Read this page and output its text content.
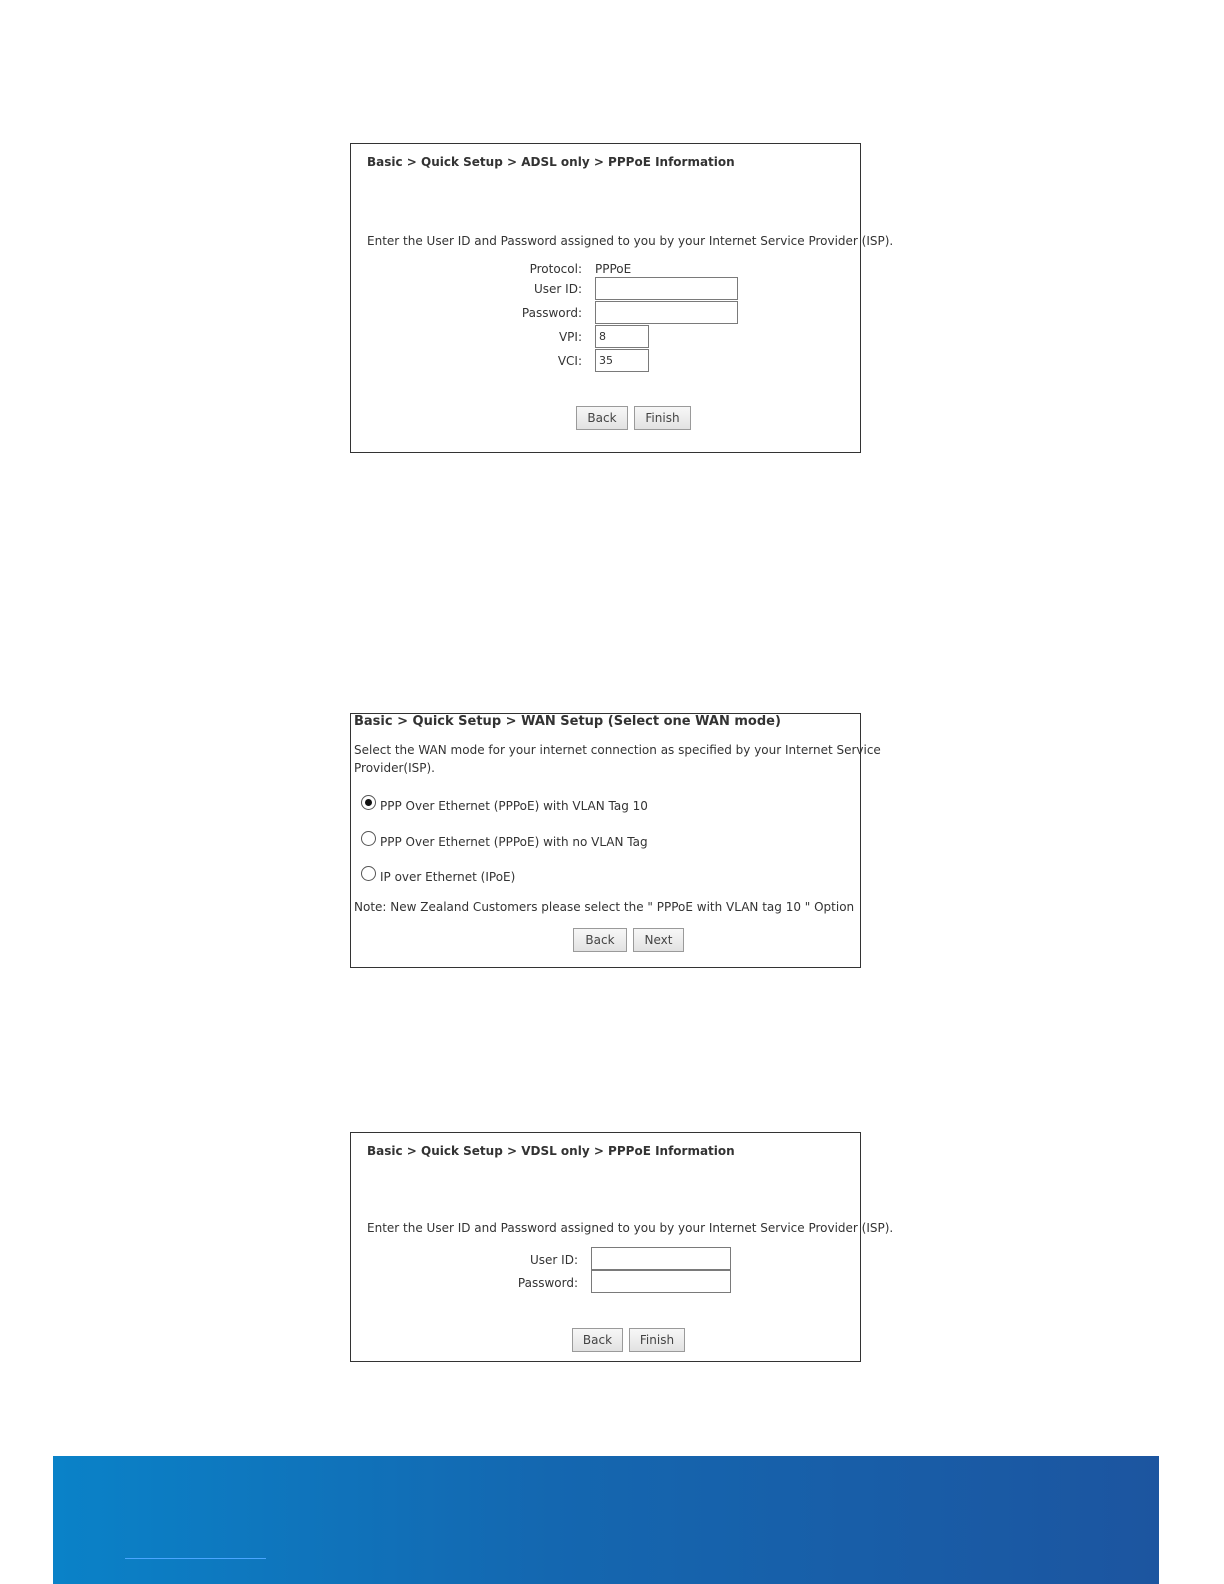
Basic > Quick Setup > ADSL only > PPPoE Information
Enter the User ID and Password assigned to you by your Internet Service Provider (ISP).
Protocol: PPPoE
User ID:
Password:
VPI:
8
VCI:
35
Back	Finish
Basic > Quick Setup > WAN Setup (Select one WAN mode)
Select the WAN mode for your internet connection as specified by your Internet Service
Provider(ISP).
PPP Over Ethernet (PPPoE) with VLAN Tag 10
PPP Over Ethernet (PPPoE) with no VLAN Tag
IP over Ethernet (IPoE)
Note: New Zealand Customers please select the " PPPoE with VLAN tag 10 " Option
Back	Next
Basic > Quick Setup > VDSL only > PPPoE Information
Enter the User ID and Password assigned to you by your Internet Service Provider (ISP).
User ID:
Password:
Back	Finish
